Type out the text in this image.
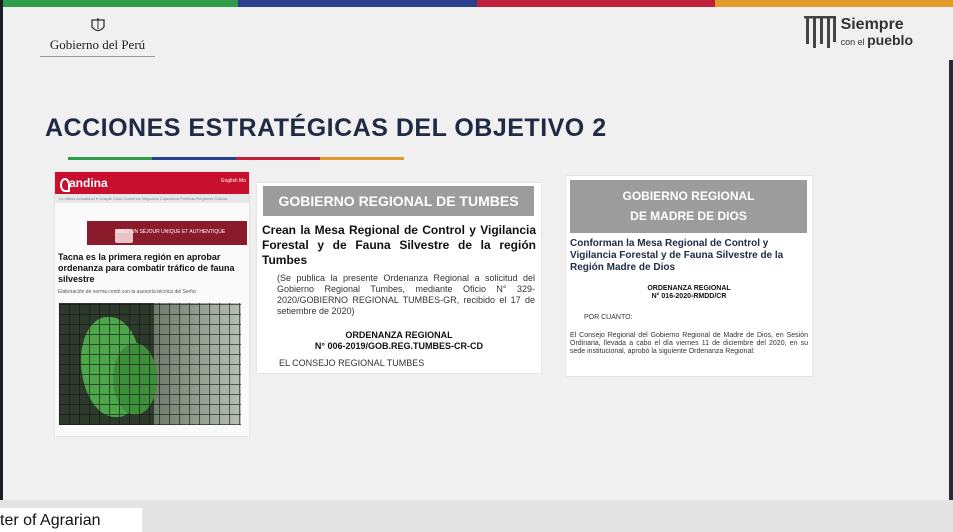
Gobierno del Perú
Siempre
con el pueblo
ACCIONES ESTRATÉGICAS DEL OBJETIVO 2
andina	English Mo
Lo último Actualidad ▾ Ucayali Casa Comercio Negocios Cajamarca Políticas Regiones Cultura
VIVEZ UN SÉJOUR UNIQUE ET AUTHENTIQUE
Tacna es la primera región en aprobar ordenanza para combatir tráfico de fauna silvestre
Elaboración de norma contó con la asesoría técnica del Serfor
GOBIERNO REGIONAL DE TUMBES
Crean la Mesa Regional de Control y Vigilancia Forestal y de Fauna Silvestre de la región Tumbes
(Se publica la presente Ordenanza Regional a solicitud del Gobierno Regional Tumbes, mediante Oficio N° 329-2020/GOBIERNO REGIONAL TUMBES-GR, recibido el 17 de setiembre de 2020)
ORDENANZA REGIONAL
N° 006-2019/GOB.REG.TUMBES-CR-CD
EL CONSEJO REGIONAL TUMBES
GOBIERNO REGIONAL
DE MADRE DE DIOS
Conforman la Mesa Regional de Control y Vigilancia Forestal y de Fauna Silvestre de la Región Madre de Dios
ORDENANZA REGIONAL
N° 016-2020-RMDD/CR
POR CUANTO:
El Consejo Regional del Gobierno Regional de Madre de Dios, en Sesión Ordinaria, llevada a cabo el día viernes 11 de diciembre del 2020, en su sede institucional, aprobó la siguiente Ordenanza Regional:
ter of Agrarian
